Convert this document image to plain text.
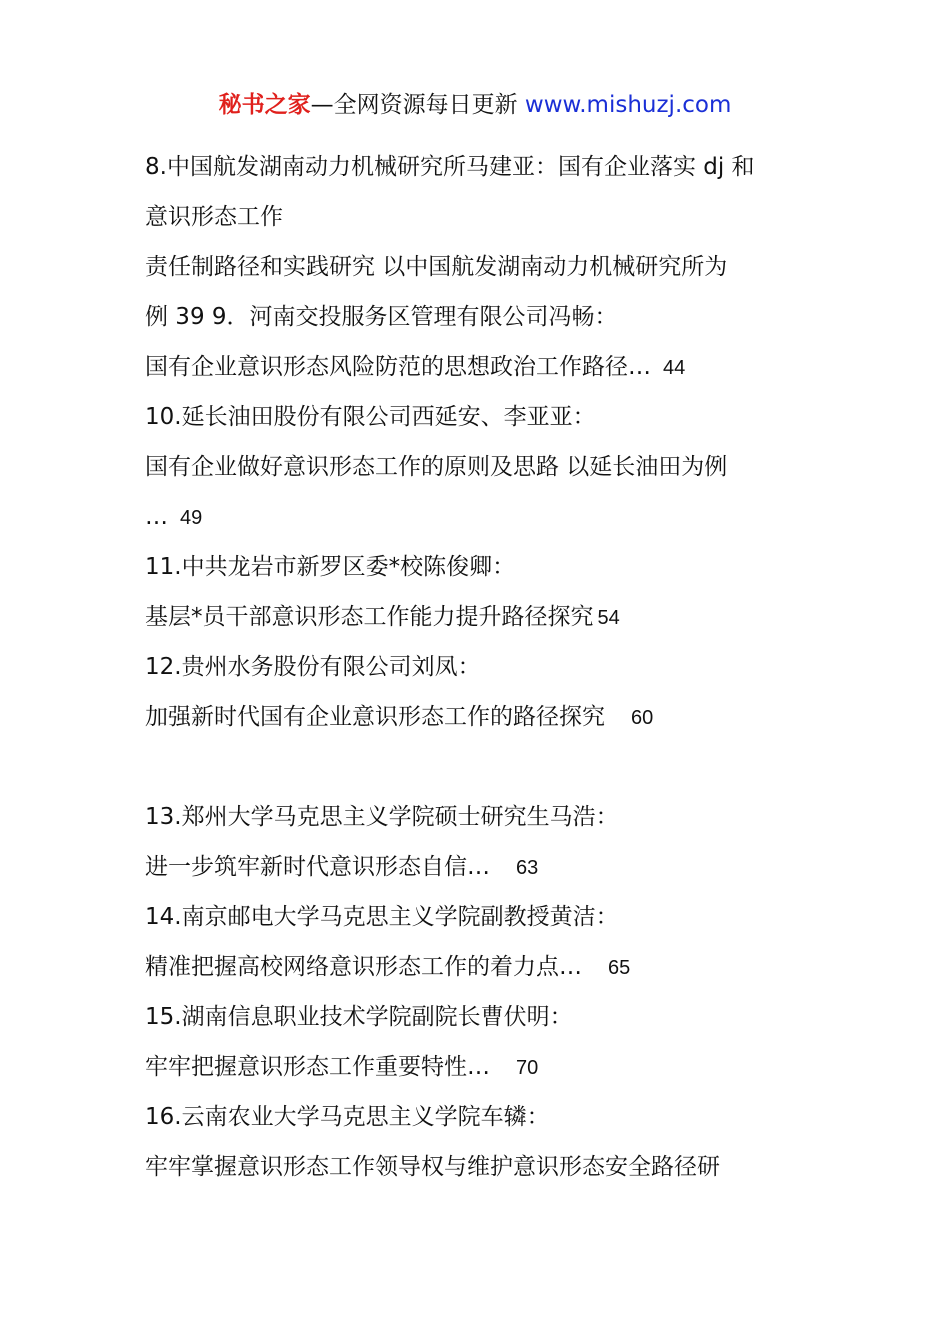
秘书之家—全网资源每日更新 www.mishuzj.com
8.中国航发湖南动力机械研究所马建亚：国有企业落实 dj 和
意识形态工作
责任制路径和实践研究 以中国航发湖南动力机械研究所为
例 39 9．河南交投服务区管理有限公司冯畅：
国有企业意识形态风险防范的思想政治工作路径… 44
10.延长油田股份有限公司西延安、李亚亚：
国有企业做好意识形态工作的原则及思路 以延长油田为例
… 49
11.中共龙岩市新罗区委*校陈俊卿：
基层*员干部意识形态工作能力提升路径探究 54
12.贵州水务股份有限公司刘凤：
加强新时代国有企业意识形态工作的路径探究 60
13.郑州大学马克思主义学院硕士研究生马浩：
进一步筑牢新时代意识形态自信… 63
14.南京邮电大学马克思主义学院副教授黄洁：
精准把握高校网络意识形态工作的着力点… 65
15.湖南信息职业技术学院副院长曹伏明：
牢牢把握意识形态工作重要特性… 70
16.云南农业大学马克思主义学院车辚：
牢牢掌握意识形态工作领导权与维护意识形态安全路径研
